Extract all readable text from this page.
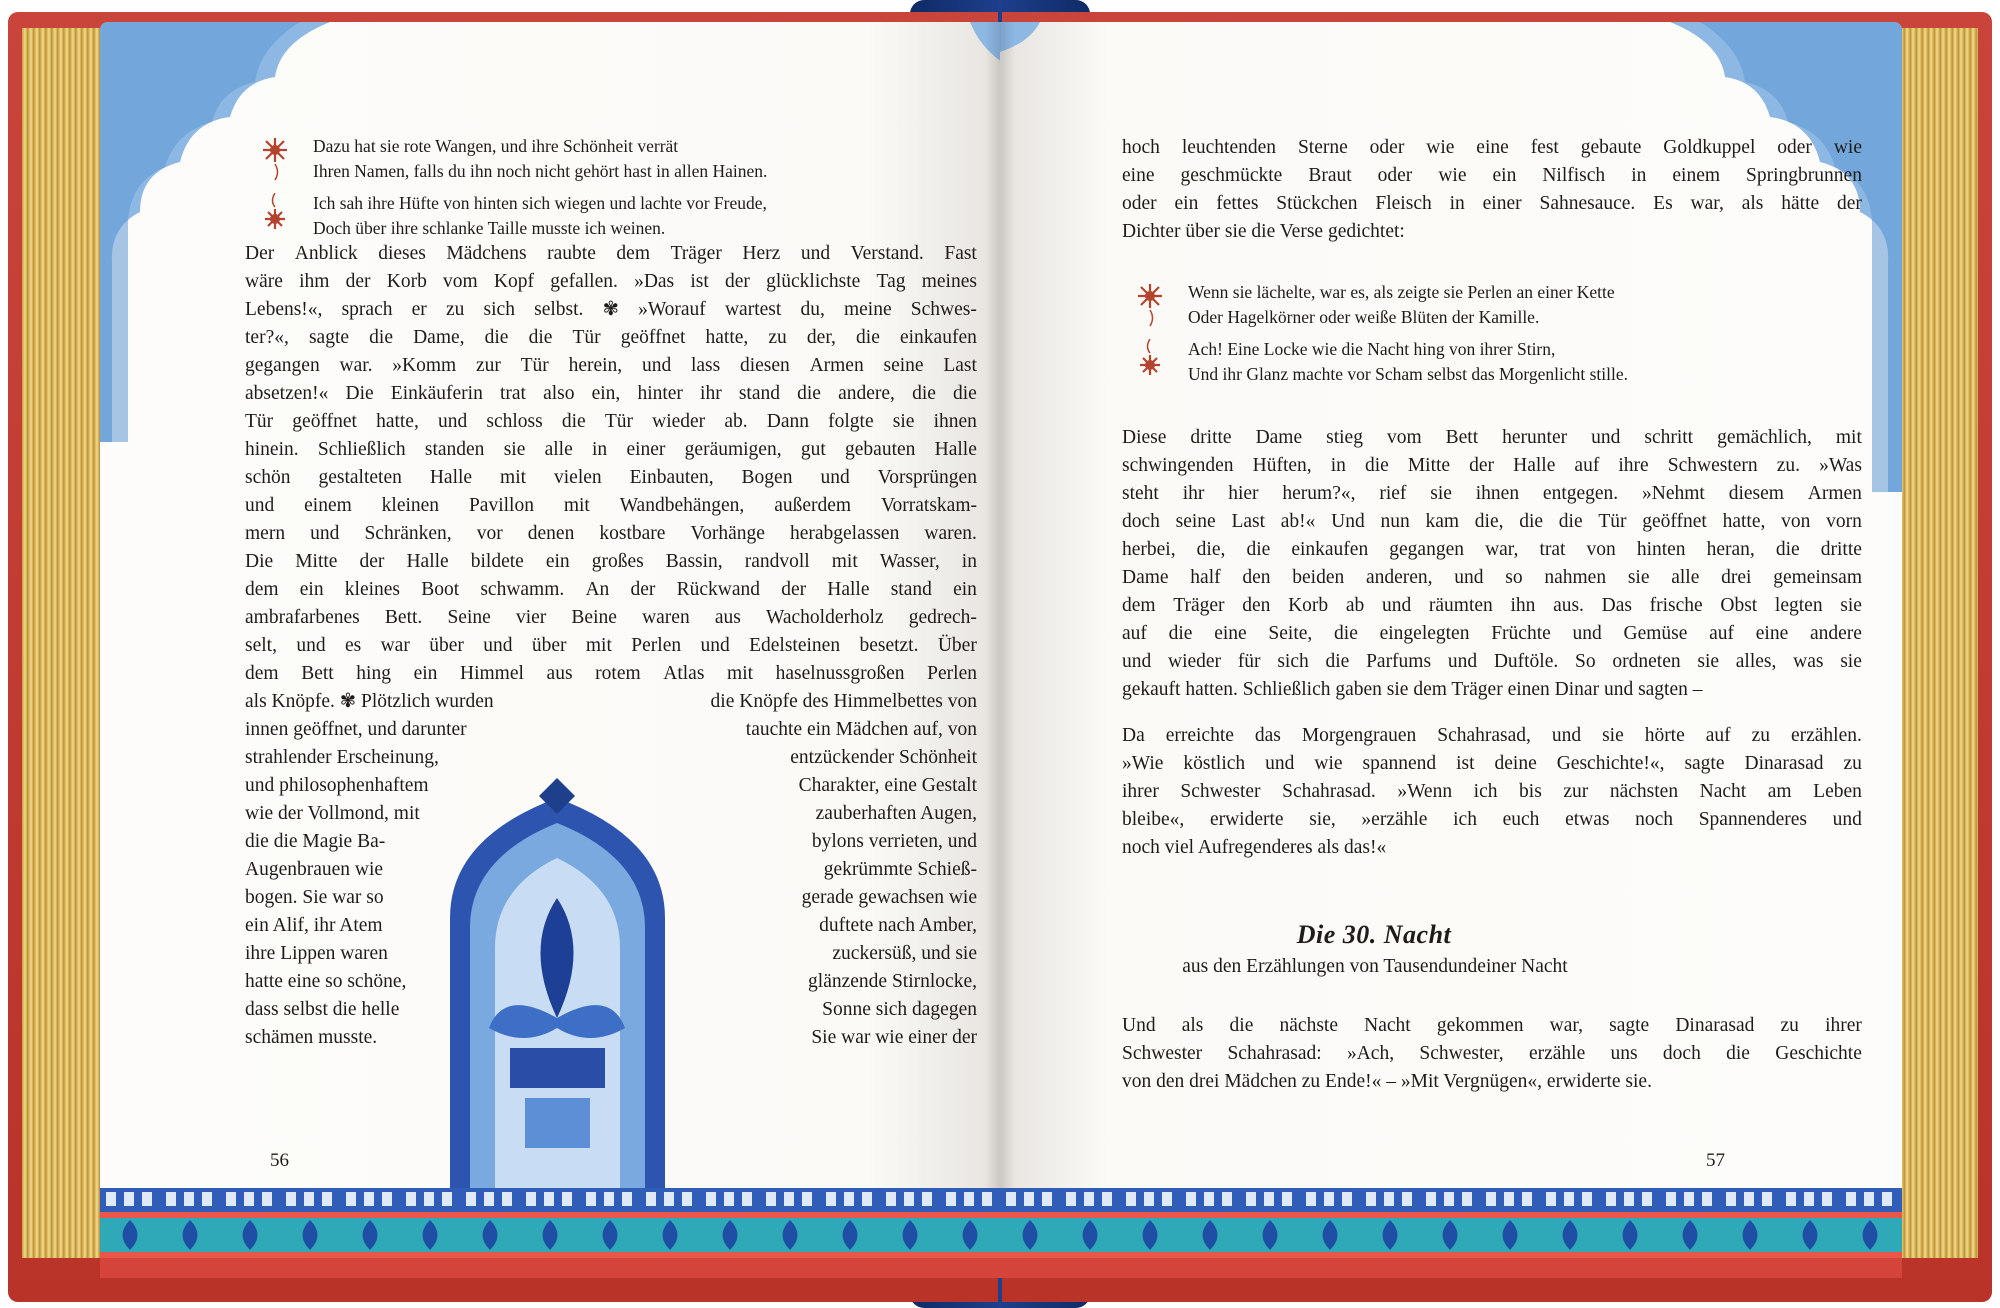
Dazu hat sie rote Wangen, und ihre Schönheit verrät
Ihren Namen, falls du ihn noch nicht gehört hast in allen Hainen.
Ich sah ihre Hüfte von hinten sich wiegen und lachte vor Freude,
Doch über ihre schlanke Taille musste ich weinen.
Der Anblick dieses Mädchens raubte dem Träger Herz und Verstand. Fast
wäre ihm der Korb vom Kopf gefallen. »Das ist der glücklichste Tag meines
Lebens!«, sprach er zu sich selbst. ✾ »Worauf wartest du, meine Schwes-
ter?«, sagte die Dame, die die Tür geöffnet hatte, zu der, die einkaufen
gegangen war. »Komm zur Tür herein, und lass diesen Armen seine Last
absetzen!« Die Einkäuferin trat also ein, hinter ihr stand die andere, die die
Tür geöffnet hatte, und schloss die Tür wieder ab. Dann folgte sie ihnen
hinein. Schließlich standen sie alle in einer geräumigen, gut gebauten Halle
schön gestalteten Halle mit vielen Einbauten, Bogen und Vorsprüngen
und einem kleinen Pavillon mit Wandbehängen, außerdem Vorratskam-
mern und Schränken, vor denen kostbare Vorhänge herabgelassen waren.
Die Mitte der Halle bildete ein großes Bassin, randvoll mit Wasser, in
dem ein kleines Boot schwamm. An der Rückwand der Halle stand ein
ambrafarbenes Bett. Seine vier Beine waren aus Wacholderholz gedrech-
selt, und es war über und über mit Perlen und Edelsteinen besetzt. Über
dem Bett hing ein Himmel aus rotem Atlas mit haselnussgroßen Perlen
als Knöpfe. ✾ Plötzlich wurden
innen geöffnet, und darunter
strahlender Erscheinung,
und philosophenhaftem
wie der Vollmond, mit
die die Magie Ba-
Augenbrauen wie
bogen. Sie war so
ein Alif, ihr Atem
ihre Lippen waren
hatte eine so schöne,
dass selbst die helle
schämen musste.
die Knöpfe des Himmelbettes von
tauchte ein Mädchen auf, von
entzückender Schönheit
Charakter, eine Gestalt
zauberhaften Augen,
bylons verrieten, und
gekrümmte Schieß-
gerade gewachsen wie
duftete nach Amber,
zuckersüß, und sie
glänzende Stirnlocke,
Sonne sich dagegen
Sie war wie einer der
56
hoch leuchtenden Sterne oder wie eine fest gebaute Goldkuppel oder wie
eine geschmückte Braut oder wie ein Nilfisch in einem Springbrunnen
oder ein fettes Stückchen Fleisch in einer Sahnesauce. Es war, als hätte der
Dichter über sie die Verse gedichtet:
Wenn sie lächelte, war es, als zeigte sie Perlen an einer Kette
Oder Hagelkörner oder weiße Blüten der Kamille.
Ach! Eine Locke wie die Nacht hing von ihrer Stirn,
Und ihr Glanz machte vor Scham selbst das Morgenlicht stille.
Diese dritte Dame stieg vom Bett herunter und schritt gemächlich, mit
schwingenden Hüften, in die Mitte der Halle auf ihre Schwestern zu. »Was
steht ihr hier herum?«, rief sie ihnen entgegen. »Nehmt diesem Armen
doch seine Last ab!« Und nun kam die, die die Tür geöffnet hatte, von vorn
herbei, die, die einkaufen gegangen war, trat von hinten heran, die dritte
Dame half den beiden anderen, und so nahmen sie alle drei gemeinsam
dem Träger den Korb ab und räumten ihn aus. Das frische Obst legten sie
auf die eine Seite, die eingelegten Früchte und Gemüse auf eine andere
und wieder für sich die Parfums und Duftöle. So ordneten sie alles, was sie
gekauft hatten. Schließlich gaben sie dem Träger einen Dinar und sagten –
Da erreichte das Morgengrauen Schahrasad, und sie hörte auf zu erzählen.
»Wie köstlich und wie spannend ist deine Geschichte!«, sagte Dinarasad zu
ihrer Schwester Schahrasad. »Wenn ich bis zur nächsten Nacht am Leben
bleibe«, erwiderte sie, »erzähle ich euch etwas noch Spannenderes und
noch viel Aufregenderes als das!«
Die 30. Nacht
aus den Erzählungen von Tausendundeiner Nacht
Und als die nächste Nacht gekommen war, sagte Dinarasad zu ihrer
Schwester Schahrasad: »Ach, Schwester, erzähle uns doch die Geschichte
von den drei Mädchen zu Ende!« – »Mit Vergnügen«, erwiderte sie.
57
